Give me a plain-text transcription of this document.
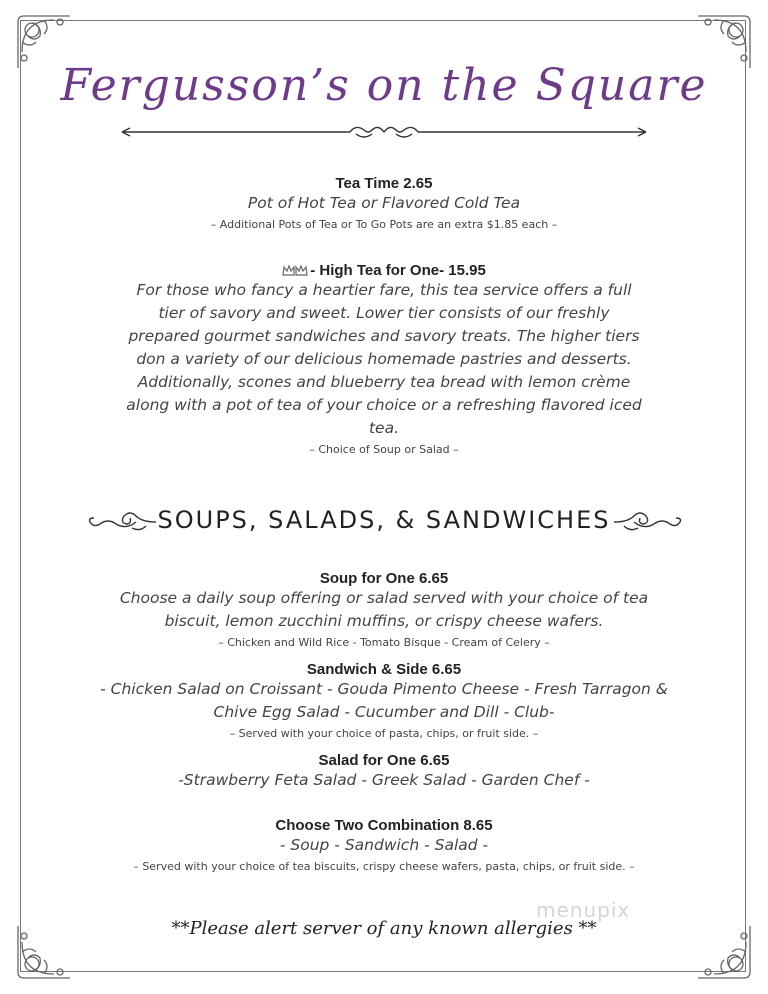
Fergusson’s on the Square
Tea Time 2.65
Pot of Hot Tea or Flavored Cold Tea
– Additional Pots of Tea or To Go Pots are an extra $1.85 each –
- High Tea for One- 15.95
For those who fancy a heartier fare, this tea service offers a full tier of savory and sweet. Lower tier consists of our freshly prepared gourmet sandwiches and savory treats. The higher tiers don a variety of our delicious homemade pastries and desserts. Additionally, scones and blueberry tea bread with lemon crème along with a pot of tea of your choice or a refreshing flavored iced tea.
– Choice of Soup or Salad –
SOUPS, SALADS, & SANDWICHES
Soup for One 6.65
Choose a daily soup offering or salad served with your choice of tea biscuit, lemon zucchini muffins, or crispy cheese wafers.
– Chicken and Wild Rice - Tomato Bisque - Cream of Celery –
Sandwich & Side 6.65
- Chicken Salad on Croissant - Gouda Pimento Cheese - Fresh Tarragon & Chive Egg Salad - Cucumber and Dill - Club-
– Served with your choice of pasta, chips, or fruit side. –
Salad for One 6.65
-Strawberry Feta Salad - Greek Salad - Garden Chef -
Choose Two Combination 8.65
- Soup - Sandwich - Salad -
– Served with your choice of tea biscuits, crispy cheese wafers, pasta, chips, or fruit side. –
menupix
**Please alert server of any known allergies **
